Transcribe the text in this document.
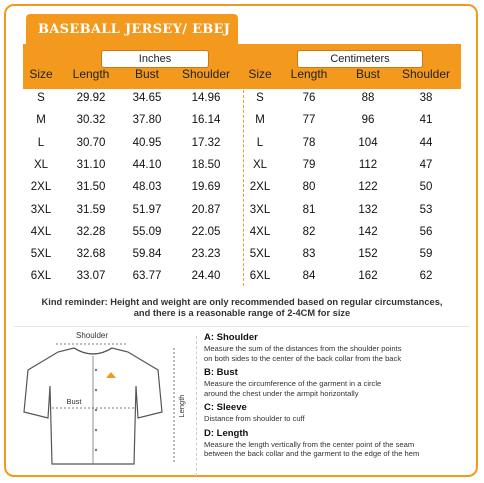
BASEBALL JERSEY/ EBEJ
Inches	Centimeters
Size	Length	Bust	Shoulder	Size	Length	Bust	Shoulder
S	29.92	34.65	14.96	S	76	88	38
M	30.32	37.80	16.14	M	77	96	41
L	30.70	40.95	17.32	L	78	104	44
XL	31.10	44.10	18.50	XL	79	112	47
2XL	31.50	48.03	19.69	2XL	80	122	50
3XL	31.59	51.97	20.87	3XL	81	132	53
4XL	32.28	55.09	22.05	4XL	82	142	56
5XL	32.68	59.84	23.23	5XL	83	152	59
6XL	33.07	63.77	24.40	6XL	84	162	62
Kind reminder: Height and weight are only recommended based on regular circumstances,
and there is a reasonable range of 2-4CM for size
Shoulder
Bust	Length
A: Shoulder
Measure the sum of the distances from the shoulder points
on both sides to the center of the back collar from the back
B: Bust
Measure the circumference of the garment in a circle
around the chest under the armpit horizontally
C: Sleeve
Distance from shoulder to cuff
D: Length
Measure the length vertically from the center point of the seam
between the back collar and the garment to the edge of the hem
